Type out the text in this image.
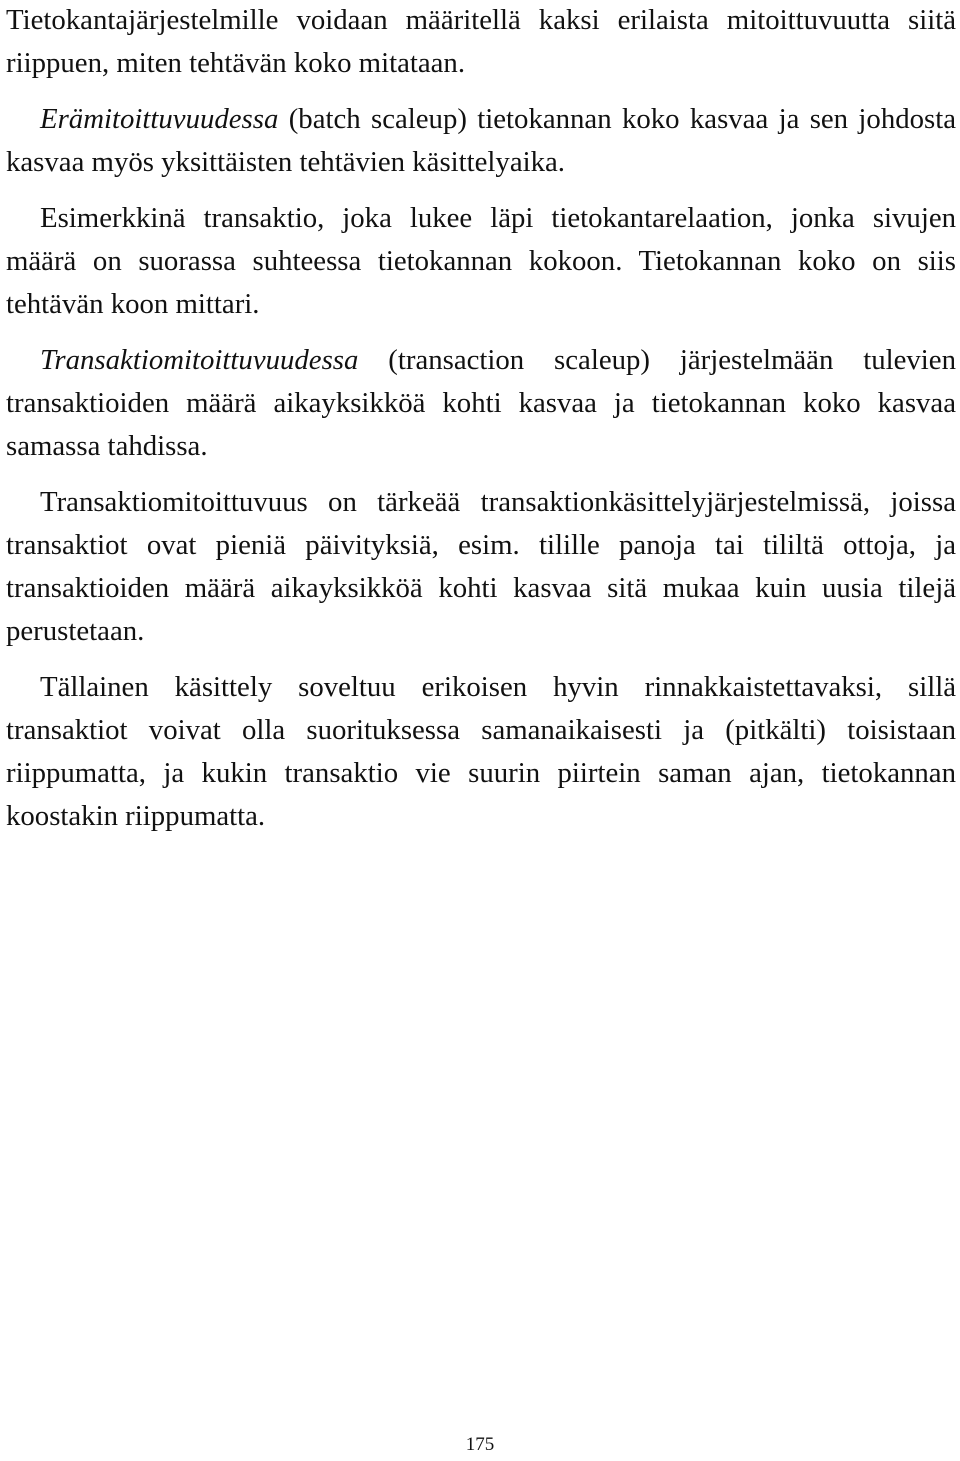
Tietokantajärjestelmille voidaan määritellä kaksi erilaista mitoittuvuutta siitä riippuen, miten tehtävän koko mitataan.

Erämitoittuvuudessa (batch scaleup) tietokannan koko kasvaa ja sen johdosta kasvaa myös yksittäisten tehtävien käsittelyaika.

Esimerkkinä transaktio, joka lukee läpi tietokantarelaation, jonka sivujen määrä on suorassa suhteessa tietokannan kokoon. Tietokannan koko on siis tehtävän koon mittari.

Transaktiomitoittuvuudessa (transaction scaleup) järjestelmään tulevien transaktioiden määrä aikayksikköä kohti kasvaa ja tietokannan koko kasvaa samassa tahdissa.

Transaktiomitoittuvuus on tärkeää transaktionkäsittelyjärjestelmissä, joissa transaktiot ovat pieniä päivityksiä, esim. tilille panoja tai tililtä ottoja, ja transaktioiden määrä aikayksikköä kohti kasvaa sitä mukaa kuin uusia tilejä perustetaan.

Tällainen käsittely soveltuu erikoisen hyvin rinnakkaistettavaksi, sillä transaktiot voivat olla suorituksessa samanaikaisesti ja (pitkälti) toisistaan riippumatta, ja kukin transaktio vie suurin piirtein saman ajan, tietokannan koostakin riippumatta.

175
